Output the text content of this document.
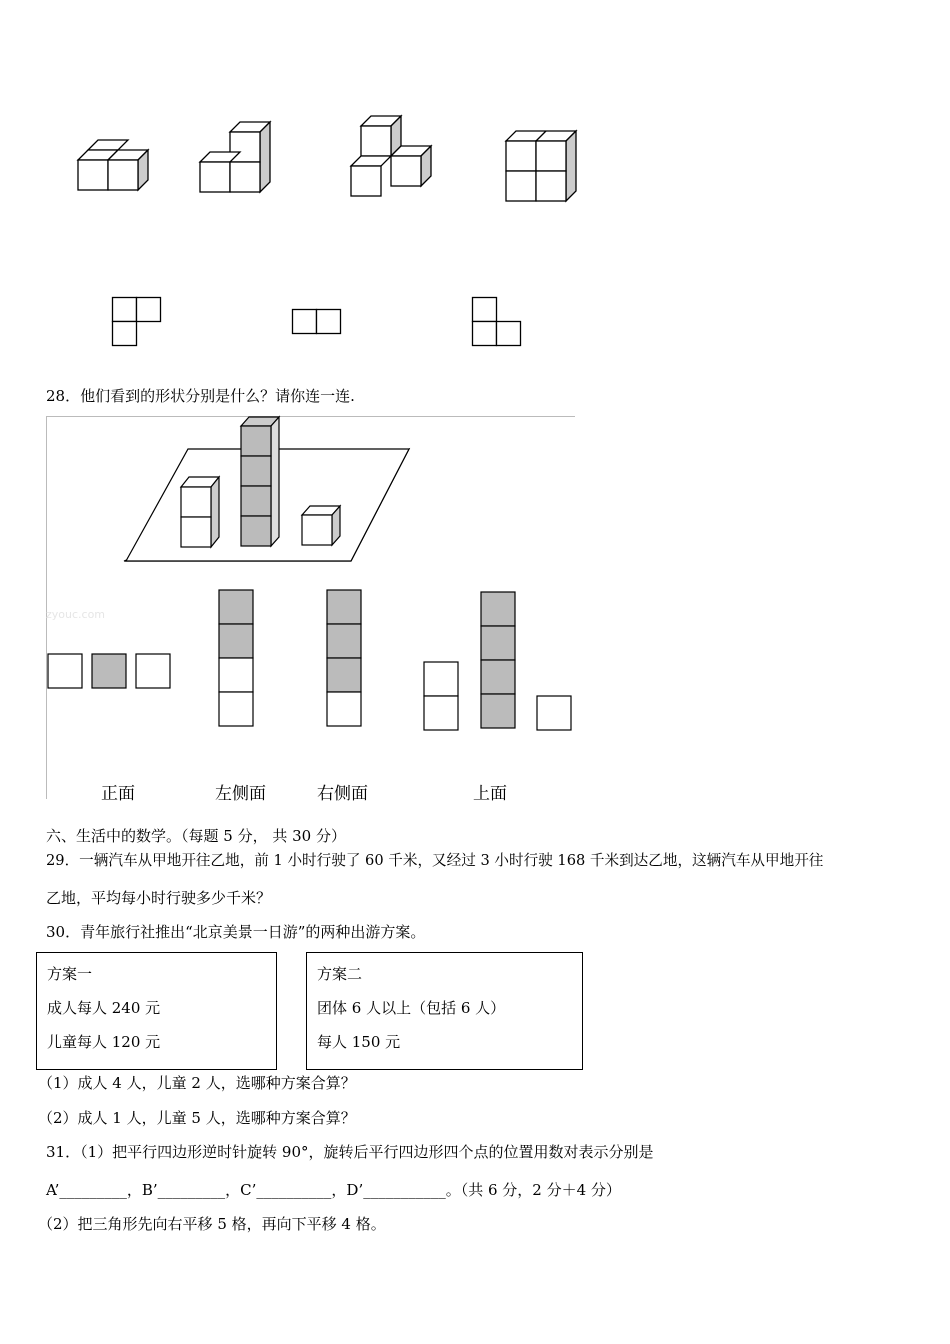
28．他们看到的形状分别是什么？请你连一连.
zyouc.com
正面	左侧面	右侧面	上面
六、生活中的数学。（每题 5 分， 共 30 分）
29．一辆汽车从甲地开往乙地，前 1 小时行驶了 60 千米，又经过 3 小时行驶 168 千米到达乙地，这辆汽车从甲地开往
乙地，平均每小时行驶多少千米？
30．青年旅行社推出“北京美景一日游”的两种出游方案。
方案一
成人每人 240 元
儿童每人 120 元
方案二
团体 6 人以上（包括 6 人）
每人 150 元
（1）成人 4 人，儿童 2 人，选哪种方案合算？
（2）成人 1 人，儿童 5 人，选哪种方案合算？
31．（1）把平行四边形逆时针旋转 90°，旋转后平行四边形四个点的位置用数对表示分别是
A’_________，B’_________，C’__________，D’___________。（共 6 分，2 分＋4 分）
（2）把三角形先向右平移 5 格，再向下平移 4 格。
